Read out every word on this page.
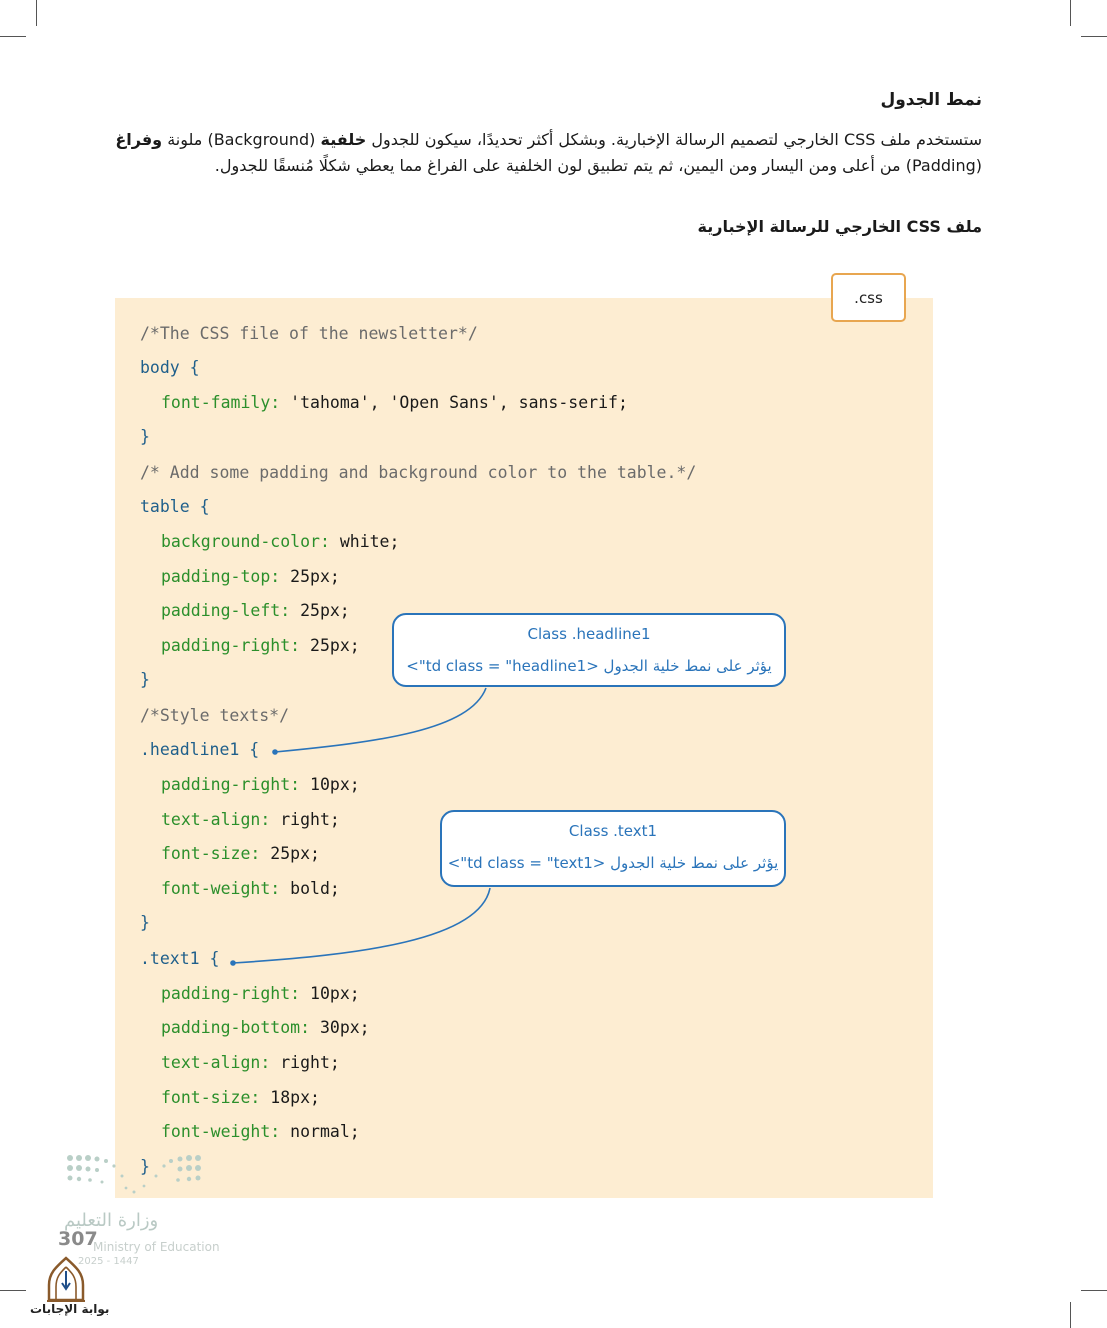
نمط الجدول
ستستخدم ملف CSS الخارجي لتصميم الرسالة الإخبارية. وبشكل أكثر تحديدًا، سيكون للجدول خلفية (Background) ملونة وفراغ
(Padding) من أعلى ومن اليسار ومن اليمين، ثم يتم تطبيق لون الخلفية على الفراغ مما يعطي شكلًا مُنسقًا للجدول.
ملف CSS الخارجي للرسالة الإخبارية
.css
/*The CSS file of the newsletter*/
body {
font-family: 'tahoma', 'Open Sans', sans-serif;
}
/* Add some padding and background color to the table.*/
table {
background-color: white;
padding-top: 25px;
padding-left: 25px;
padding-right: 25px;
}
/*Style texts*/
.headline1 {
padding-right: 10px;
text-align: right;
font-size: 25px;
font-weight: bold;
}
.text1 {
padding-right: 10px;
padding-bottom: 30px;
text-align: right;
font-size: 18px;
font-weight: normal;
}
Class .headline1
يؤثر على نمط خلية الجدول <td class = "headline1">
Class .text1
يؤثر على نمط خلية الجدول <td class = "text1">
وزارة التعليم
Ministry of Education
2025 - 1447
307
بوابة الإجابات
